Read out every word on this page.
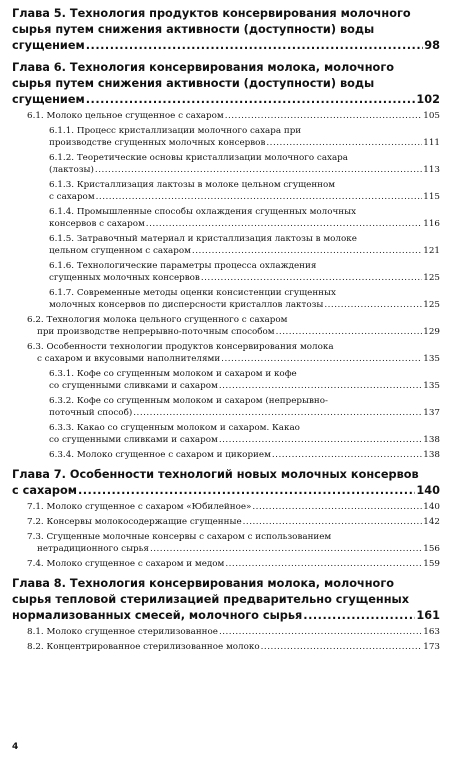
Глава 5. Технология продуктов консервирования молочного
сырья путем снижения активности (доступности) воды
сгущением .....	98
Глава 6. Технология консервирования молока, молочного
сырья путем снижения активности (доступности) воды
сгущением .....	102
6.1. Молоко цельное сгущенное с сахаром .....	105
6.1.1. Процесс кристаллизации молочного сахара при
производстве сгущенных молочных консервов .....	111
6.1.2. Теоретические основы кристаллизации молочного сахара
(лактозы) .....	113
6.1.3. Кристаллизация лактозы в молоке цельном сгущенном
с сахаром .....	115
6.1.4. Промышленные способы охлаждения сгущенных молочных
консервов с сахаром .....	116
6.1.5. Затравочный материал и кристаллизация лактозы в молоке
цельном сгущенном с сахаром .....	121
6.1.6. Технологические параметры процесса охлаждения
сгущенных молочных консервов .....	125
6.1.7. Современные методы оценки консистенции сгущенных
молочных консервов по дисперсности кристаллов лактозы .....	125
6.2. Технология молока цельного сгущенного с сахаром
при производстве непрерывно-поточным способом .....	129
6.3. Особенности технологии продуктов консервирования молока
с сахаром и вкусовыми наполнителями .....	135
6.3.1. Кофе со сгущенным молоком и сахаром и кофе
со сгущенными сливками и сахаром .....	135
6.3.2. Кофе со сгущенным молоком и сахаром (непрерывно-
поточный способ) .....	137
6.3.3. Какао со сгущенным молоком и сахаром. Какао
со сгущенными сливками и сахаром .....	138
6.3.4. Молоко сгущенное с сахаром и цикорием .....	138
Глава 7. Особенности технологий новых молочных консервов
с сахаром .....	140
7.1. Молоко сгущенное с сахаром «Юбилейное» .....	140
7.2. Консервы молокосодержащие сгущенные .....	142
7.3. Сгущенные молочные консервы с сахаром с использованием
нетрадиционного сырья .....	156
7.4. Молоко сгущенное с сахаром и медом .....	159
Глава 8. Технология консервирования молока, молочного
сырья тепловой стерилизацией предварительно сгущенных
нормализованных смесей, молочного сырья .....	161
8.1. Молоко сгущенное стерилизованное .....	163
8.2. Концентрированное стерилизованное молоко .....	173
4
